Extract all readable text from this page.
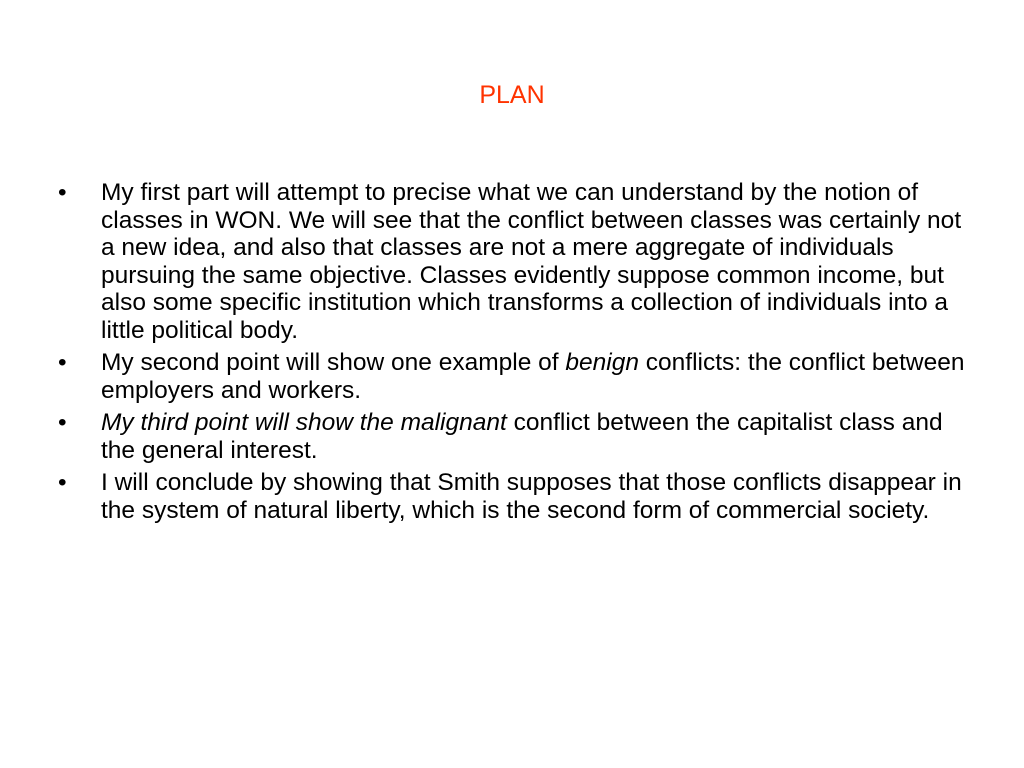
PLAN
•	My first part will attempt to precise what we can understand by the notion of classes in WON. We will see that the conflict between classes was certainly not a new idea, and also that classes are not a mere aggregate of individuals pursuing the same objective. Classes evidently suppose common income, but also some specific institution which transforms a collection of individuals into a little political body.
•	My second point will show one example of benign conflicts: the conflict between employers and workers.
•	My third point will show the malignant conflict between the capitalist class and the general interest.
•	I will conclude by showing that Smith supposes that those conflicts disappear in the system of natural liberty, which is the second form of commercial society.
